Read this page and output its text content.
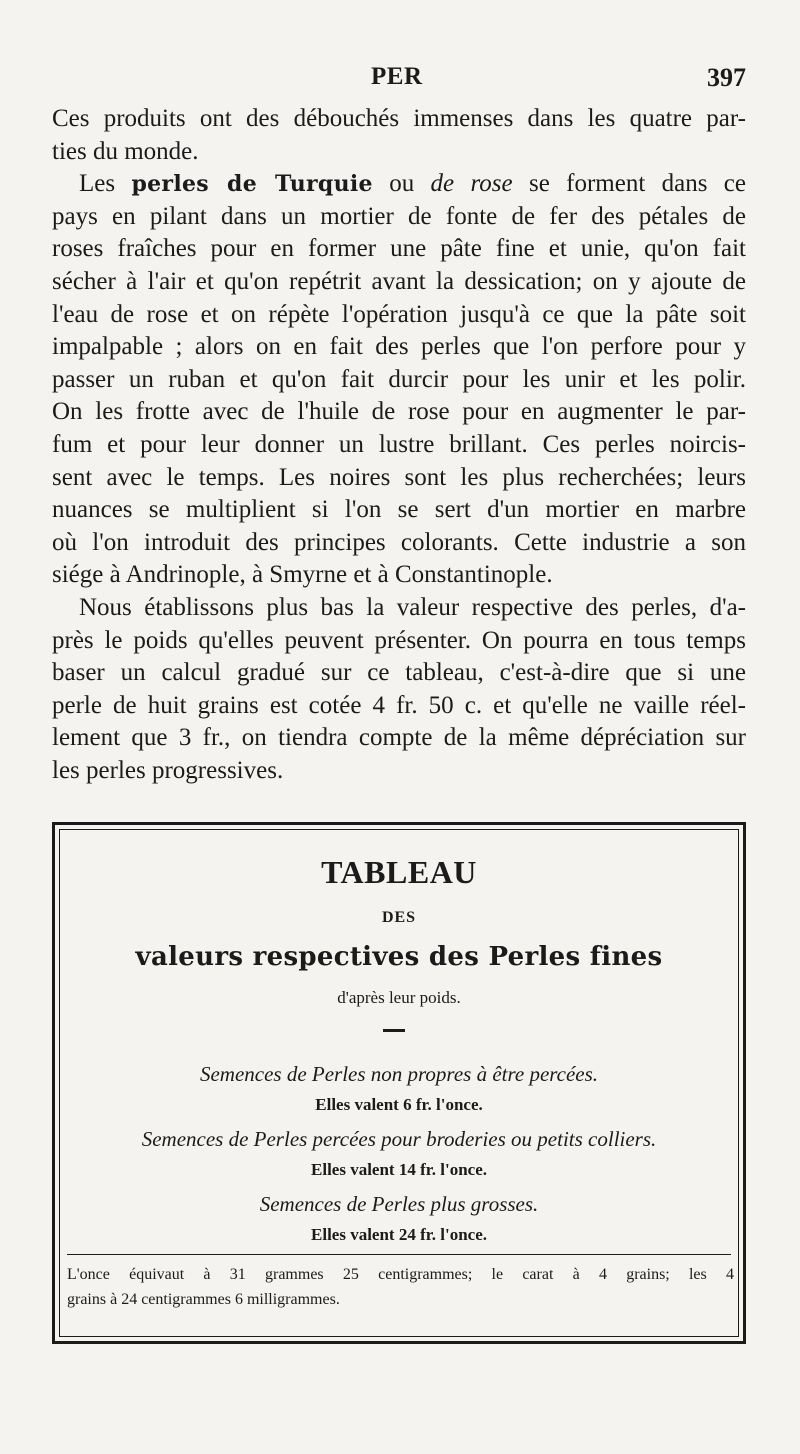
PER	397
Ces produits ont des débouchés immenses dans les quatre par-
ties du monde.
Les perles de Turquie ou de rose se forment dans ce
pays en pilant dans un mortier de fonte de fer des pétales de
roses fraîches pour en former une pâte fine et unie, qu'on fait
sécher à l'air et qu'on repétrit avant la dessication; on y ajoute de
l'eau de rose et on répète l'opération jusqu'à ce que la pâte soit
impalpable ; alors on en fait des perles que l'on perfore pour y
passer un ruban et qu'on fait durcir pour les unir et les polir.
On les frotte avec de l'huile de rose pour en augmenter le par-
fum et pour leur donner un lustre brillant. Ces perles noircis-
sent avec le temps. Les noires sont les plus recherchées; leurs
nuances se multiplient si l'on se sert d'un mortier en marbre
où l'on introduit des principes colorants. Cette industrie a son
siége à Andrinople, à Smyrne et à Constantinople.
Nous établissons plus bas la valeur respective des perles, d'a-
près le poids qu'elles peuvent présenter. On pourra en tous temps
baser un calcul gradué sur ce tableau, c'est-à-dire que si une
perle de huit grains est cotée 4 fr. 50 c. et qu'elle ne vaille réel-
lement que 3 fr., on tiendra compte de la même dépréciation sur
les perles progressives.
TABLEAU
DES
valeurs respectives des Perles fines
d'après leur poids.
Semences de Perles non propres à être percées.
Elles valent 6 fr. l'once.
Semences de Perles percées pour broderies ou petits colliers.
Elles valent 14 fr. l'once.
Semences de Perles plus grosses.
Elles valent 24 fr. l'once.
L'once équivaut à 31 grammes 25 centigrammes; le carat à 4 grains; les 4
grains à 24 centigrammes 6 milligrammes.
